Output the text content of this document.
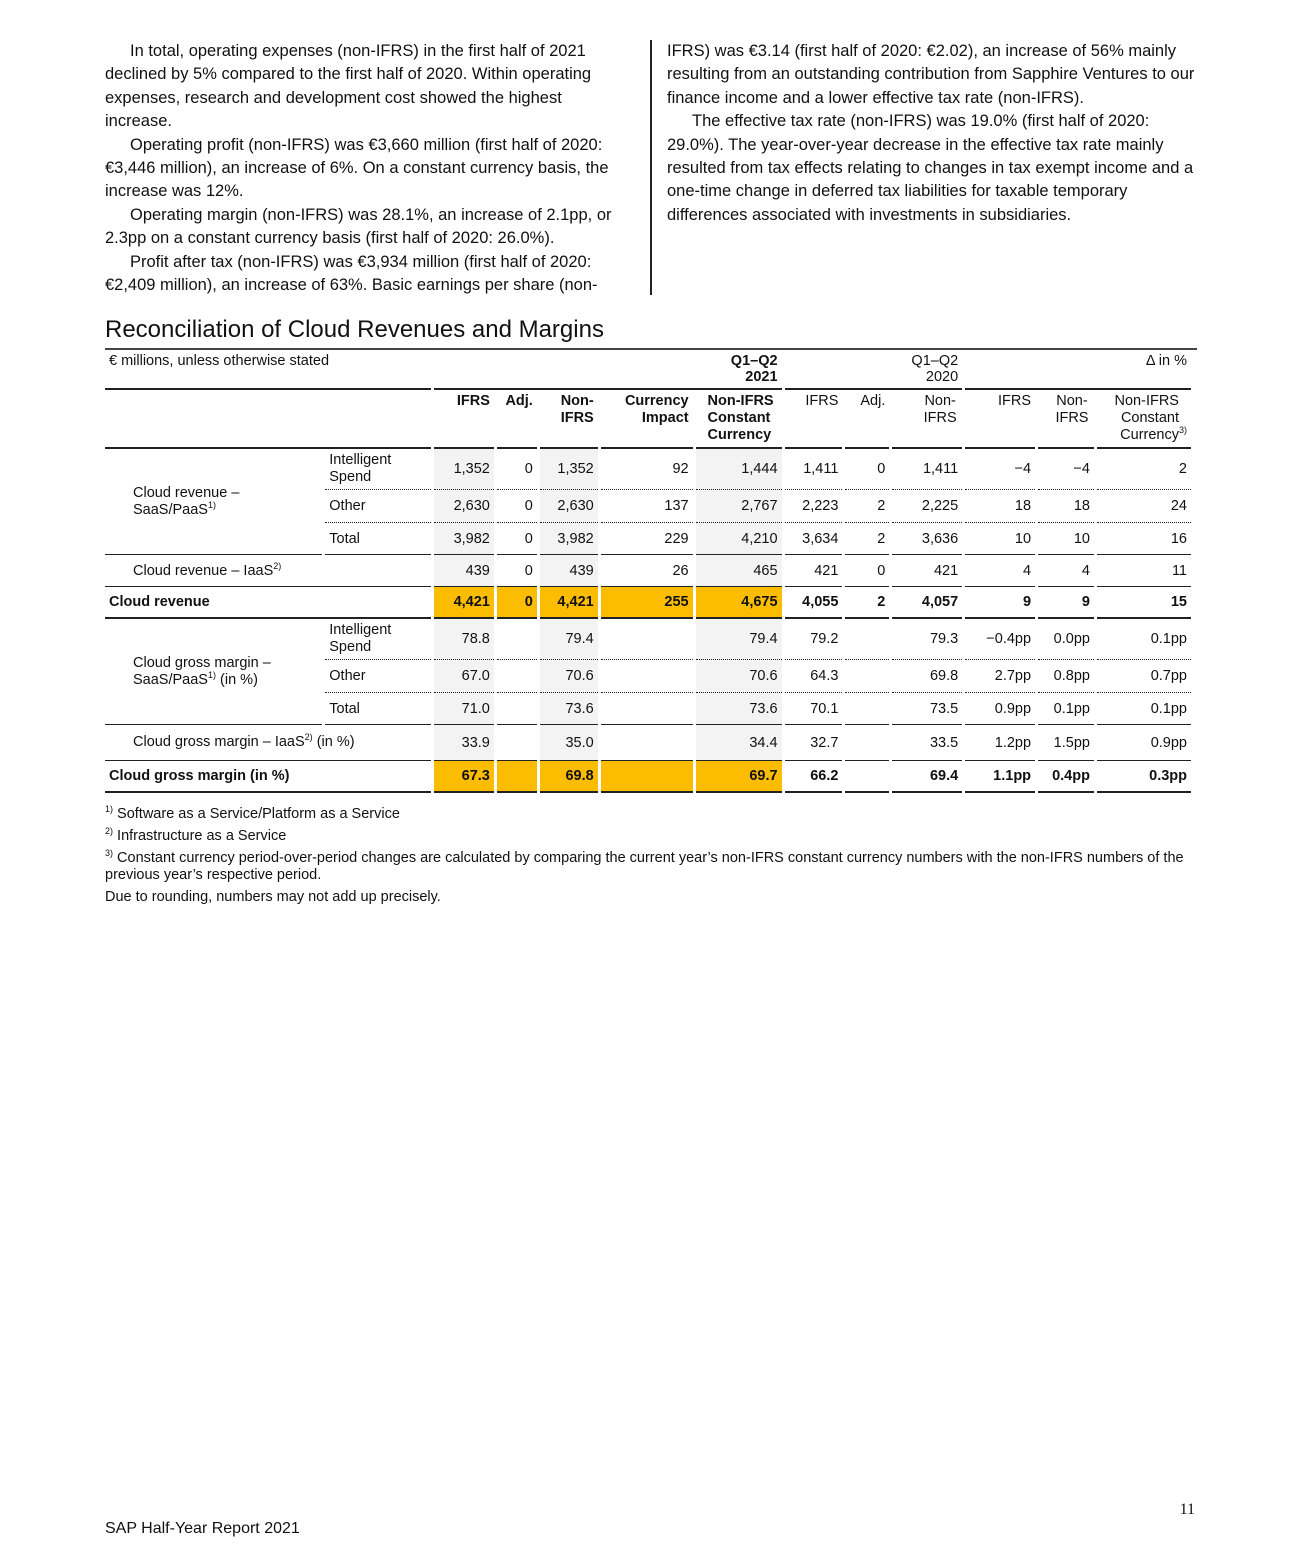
In total, operating expenses (non-IFRS) in the first half of 2021 declined by 5% compared to the first half of 2020. Within operating expenses, research and development cost showed the highest increase.

Operating profit (non-IFRS) was €3,660 million (first half of 2020: €3,446 million), an increase of 6%. On a constant currency basis, the increase was 12%.

Operating margin (non-IFRS) was 28.1%, an increase of 2.1pp, or 2.3pp on a constant currency basis (first half of 2020: 26.0%).

Profit after tax (non-IFRS) was €3,934 million (first half of 2020: €2,409 million), an increase of 63%. Basic earnings per share (non-

IFRS) was €3.14 (first half of 2020: €2.02), an increase of 56% mainly resulting from an outstanding contribution from Sapphire Ventures to our finance income and a lower effective tax rate (non-IFRS).

The effective tax rate (non-IFRS) was 19.0% (first half of 2020: 29.0%). The year-over-year decrease in the effective tax rate mainly resulted from tax effects relating to changes in tax exempt income and a one-time change in deferred tax liabilities for taxable temporary differences associated with investments in subsidiaries.

Reconciliation of Cloud Revenues and Margins
€ millions, unless otherwise stated		Q1–Q2 2021					Q1–Q2 2020			Δ in %		
		IFRS	Adj.	Non-IFRS	Currency Impact	Non-IFRS Constant Currency	IFRS	Adj.	Non-IFRS	IFRS	Non-IFRS	Non-IFRS Constant Currency$^{3)}$
Cloud revenue – SaaS/PaaS$^{1)}$	Intelligent Spend	1,352	0	1,352	92	1,444	1,411	0	1,411	−4	−4	2
	Other	2,630	0	2,630	137	2,767	2,223	2	2,225	18	18	24
	Total	3,982	0	3,982	229	4,210	3,634	2	3,636	10	10	16
Cloud revenue – IaaS$^{2)}$		439	0	439	26	465	421	0	421	4	4	11
Cloud revenue		4,421	0	4,421	255	4,675	4,055	2	4,057	9	9	15
Cloud gross margin – SaaS/PaaS$^{1)}$ (in %)	Intelligent Spend	78.8		79.4		79.4	79.2		79.3	−0.4pp	0.0pp	0.1pp
	Other	67.0		70.6		70.6	64.3		69.8	2.7pp	0.8pp	0.7pp
	Total	71.0		73.6		73.6	70.1		73.5	0.9pp	0.1pp	0.1pp
Cloud gross margin – IaaS$^{2)}$ (in %)		33.9		35.0		34.4	32.7		33.5	1.2pp	1.5pp	0.9pp
Cloud gross margin (in %)		67.3		69.8		69.7	66.2		69.4	1.1pp	0.4pp	0.3pp

$^{1)}$ Software as a Service/Platform as a Service

$^{2)}$ Infrastructure as a Service

$^{3)}$ Constant currency period-over-period changes are calculated by comparing the current year’s non-IFRS constant currency numbers with the non-IFRS numbers of the previous year’s respective period.

Due to rounding, numbers may not add up precisely.

11
SAP Half-Year Report 2021
